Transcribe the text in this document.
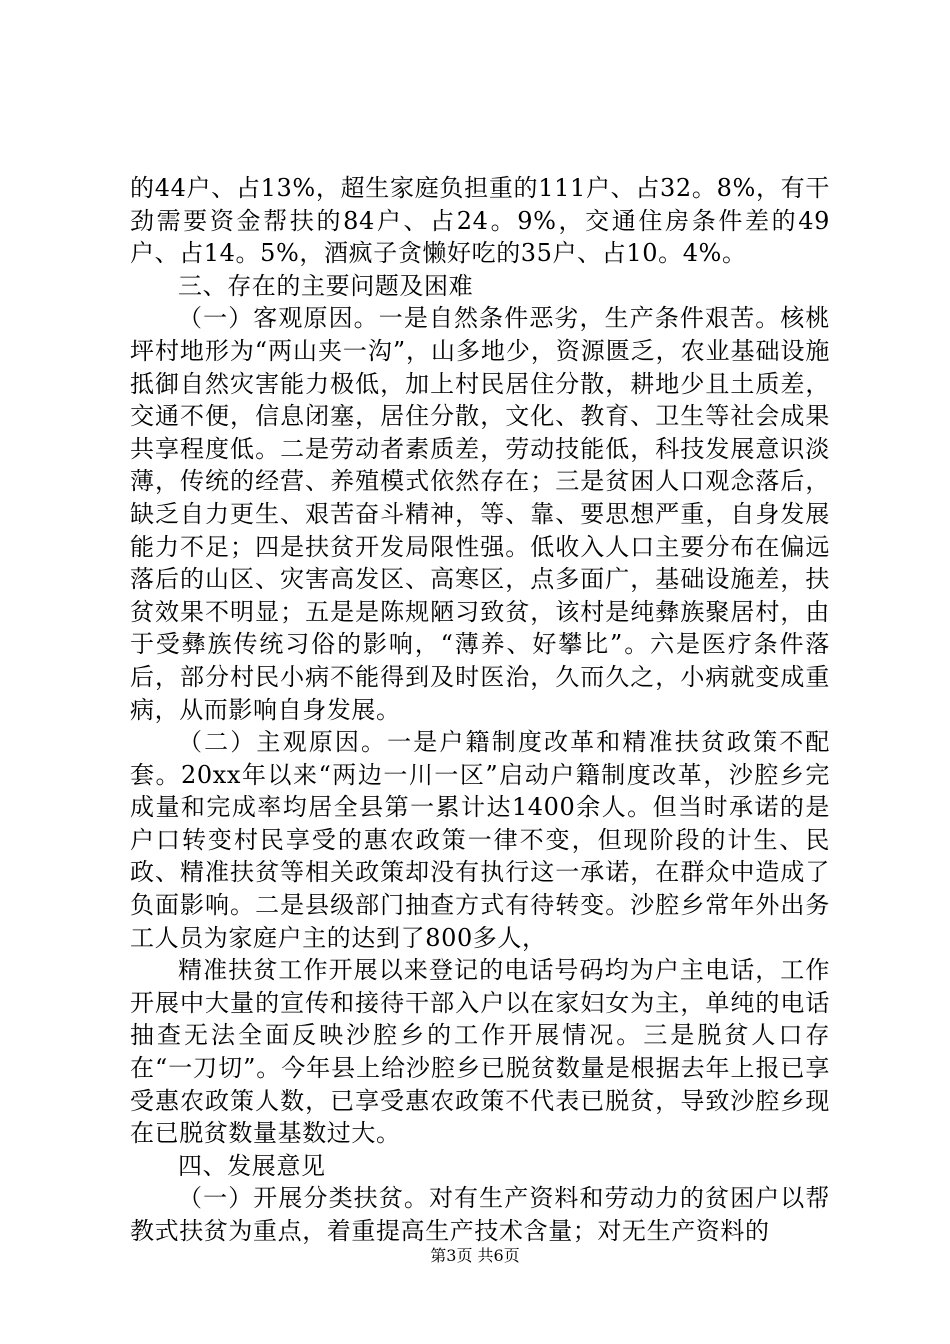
的44户、占13%，超生家庭负担重的111户、占32。8%，有干劲需要资金帮扶的84户、占24。9%，交通住房条件差的49户、占14。5%，酒疯子贪懒好吃的35户、占10。4%。

三、存在的主要问题及困难

（一）客观原因。一是自然条件恶劣，生产条件艰苦。核桃坪村地形为“两山夹一沟”，山多地少，资源匮乏，农业基础设施抵御自然灾害能力极低，加上村民居住分散，耕地少且土质差，交通不便，信息闭塞，居住分散，文化、教育、卫生等社会成果共享程度低。二是劳动者素质差，劳动技能低，科技发展意识淡薄，传统的经营、养殖模式依然存在；三是贫困人口观念落后，缺乏自力更生、艰苦奋斗精神，等、靠、要思想严重，自身发展能力不足；四是扶贫开发局限性强。低收入人口主要分布在偏远落后的山区、灾害高发区、高寒区，点多面广，基础设施差，扶贫效果不明显；五是是陈规陋习致贫，该村是纯彝族聚居村，由于受彝族传统习俗的影响，“薄养、好攀比”。六是医疗条件落后，部分村民小病不能得到及时医治，久而久之，小病就变成重病，从而影响自身发展。

（二）主观原因。一是户籍制度改革和精准扶贫政策不配套。20xx年以来“两边一川一区”启动户籍制度改革，沙腔乡完成量和完成率均居全县第一累计达1400余人。但当时承诺的是户口转变村民享受的惠农政策一律不变，但现阶段的计生、民政、精准扶贫等相关政策却没有执行这一承诺，在群众中造成了负面影响。二是县级部门抽查方式有待转变。沙腔乡常年外出务工人员为家庭户主的达到了800多人，

精准扶贫工作开展以来登记的电话号码均为户主电话，工作开展中大量的宣传和接待干部入户以在家妇女为主，单纯的电话抽查无法全面反映沙腔乡的工作开展情况。三是脱贫人口存在“一刀切”。今年县上给沙腔乡已脱贫数量是根据去年上报已享受惠农政策人数，已享受惠农政策不代表已脱贫，导致沙腔乡现在已脱贫数量基数过大。

四、发展意见

（一）开展分类扶贫。对有生产资料和劳动力的贫困户以帮教式扶贫为重点，着重提高生产技术含量；对无生产资料的

第3页 共6页
